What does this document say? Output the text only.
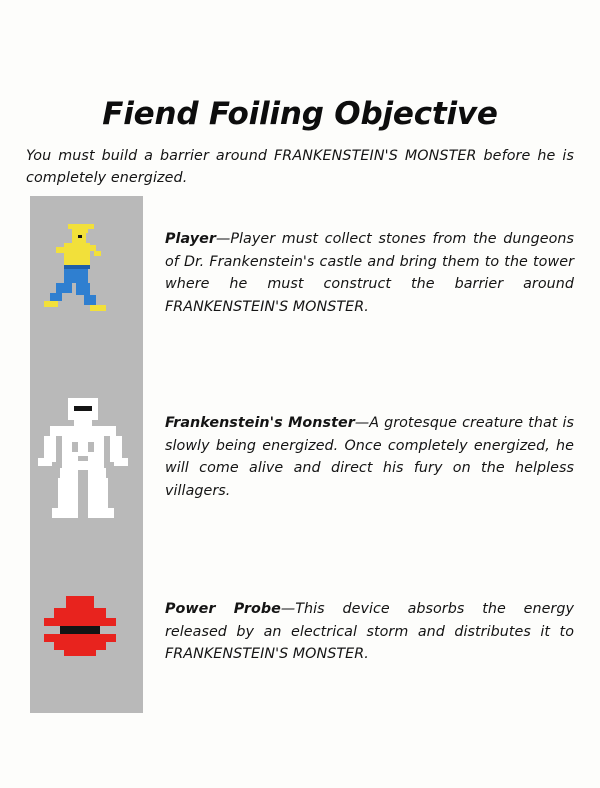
Fiend Foiling Objective
You must build a barrier around FRANKENSTEIN'S MONSTER before he is completely energized.
Player—Player must collect stones from the dungeons of Dr. Frankenstein's castle and bring them to the tower where he must construct the barrier around FRANKENSTEIN'S MONSTER.
Frankenstein's Monster—A grotesque creature that is slowly being energized. Once completely energized, he will come alive and direct his fury on the helpless villagers.
Power Probe—This device absorbs the energy released by an electrical storm and distributes it to FRANKENSTEIN'S MONSTER.
